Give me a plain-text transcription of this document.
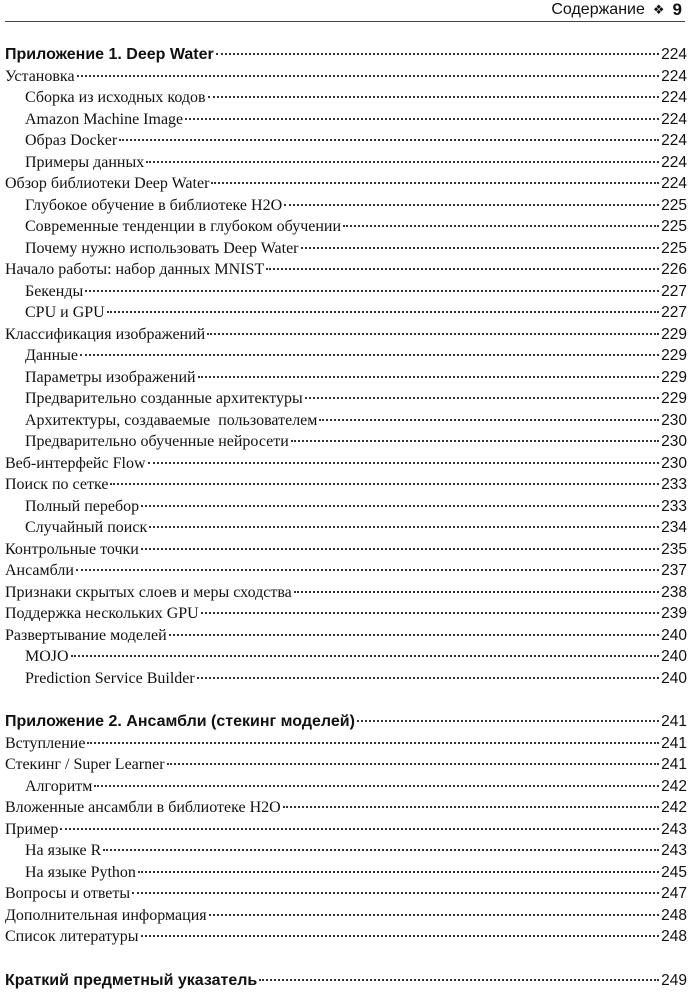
Содержание ❖ 9
Приложение 1. Deep Water	224
Установка	224
Сборка из исходных кодов	224
Amazon Machine Image	224
Образ Docker	224
Примеры данных	224
Обзор библиотеки Deep Water	224
Глубокое обучение в библиотеке H2O	225
Современные тенденции в глубоком обучении	225
Почему нужно использовать Deep Water	225
Начало работы: набор данных MNIST	226
Бекенды	227
CPU и GPU	227
Классификация изображений	229
Данные	229
Параметры изображений	229
Предварительно созданные архитектуры	229
Архитектуры, создаваемые  пользователем	230
Предварительно обученные нейросети	230
Веб-интерфейс Flow	230
Поиск по сетке	233
Полный перебор	233
Случайный поиск	234
Контрольные точки	235
Ансамбли	237
Признаки скрытых слоев и меры сходства	238
Поддержка нескольких GPU	239
Развертывание моделей	240
MOJO	240
Prediction Service Builder	240
Приложение 2. Ансамбли (стекинг моделей)	241
Вступление	241
Стекинг / Super Learner	241
Алгоритм	242
Вложенные ансамбли в библиотеке H2O	242
Пример	243
На языке R	243
На языке Python	245
Вопросы и ответы	247
Дополнительная информация	248
Список литературы	248
Краткий предметный указатель	249
